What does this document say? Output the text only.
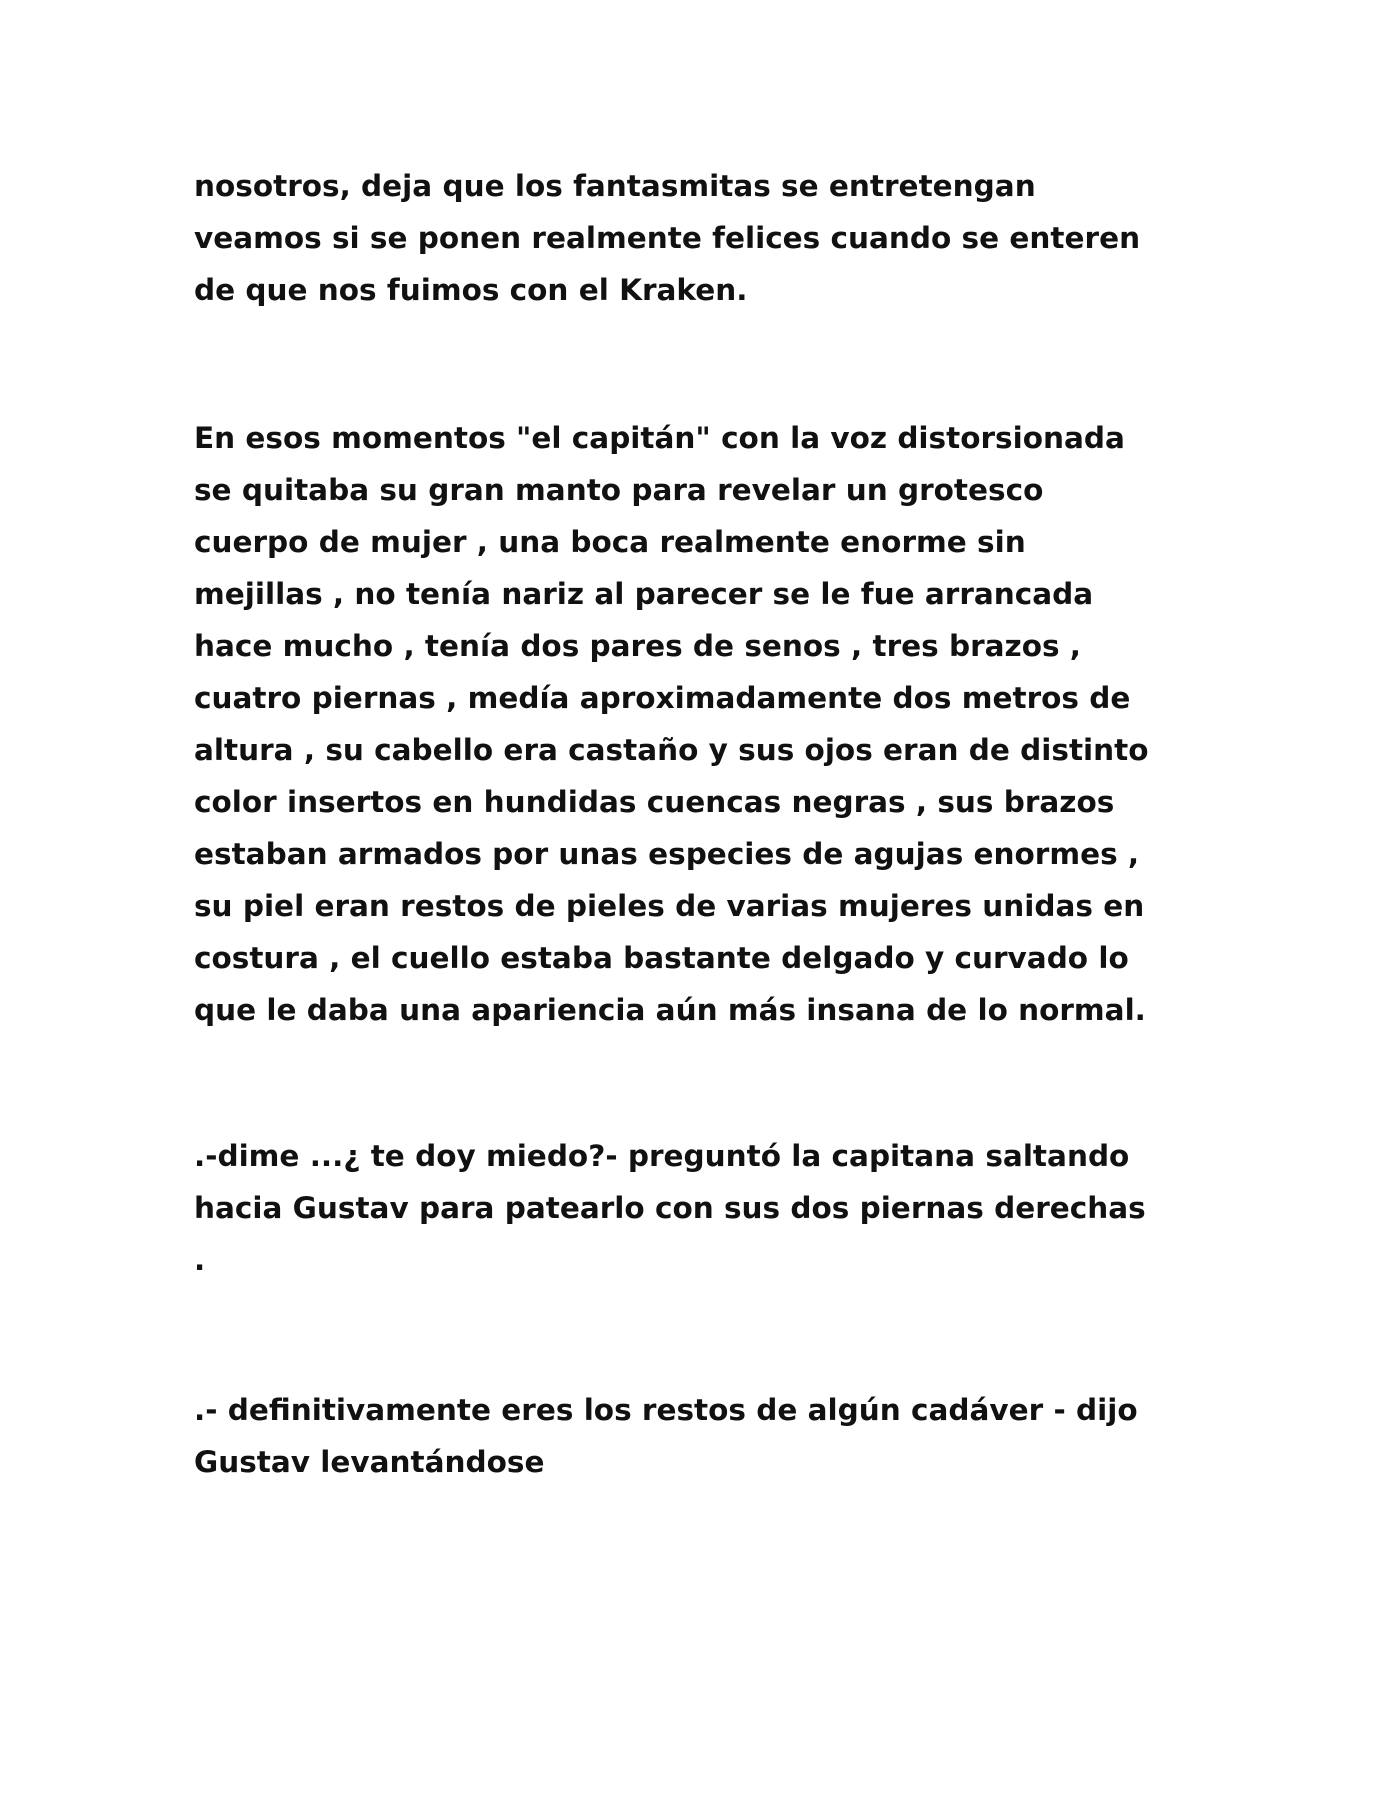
nosotros, deja que los fantasmitas se entretengan
veamos si se ponen realmente felices cuando se enteren
de que nos fuimos con el Kraken.

En esos momentos "el capitán" con la voz distorsionada
se quitaba su gran manto para revelar un grotesco
cuerpo de mujer , una boca realmente enorme sin
mejillas , no tenía nariz al parecer se le fue arrancada
hace mucho , tenía dos pares de senos , tres brazos ,
cuatro piernas , medía aproximadamente dos metros de
altura , su cabello era castaño y sus ojos eran de distinto
color insertos en hundidas cuencas negras , sus brazos
estaban armados por unas especies de agujas enormes ,
su piel eran restos de pieles de varias mujeres unidas en
costura , el cuello estaba bastante delgado y curvado lo
que le daba una apariencia aún más insana de lo normal.

.-dime ...¿ te doy miedo?- preguntó la capitana saltando
hacia Gustav para patearlo con sus dos piernas derechas
.

.- definitivamente eres los restos de algún cadáver - dijo
Gustav levantándose
